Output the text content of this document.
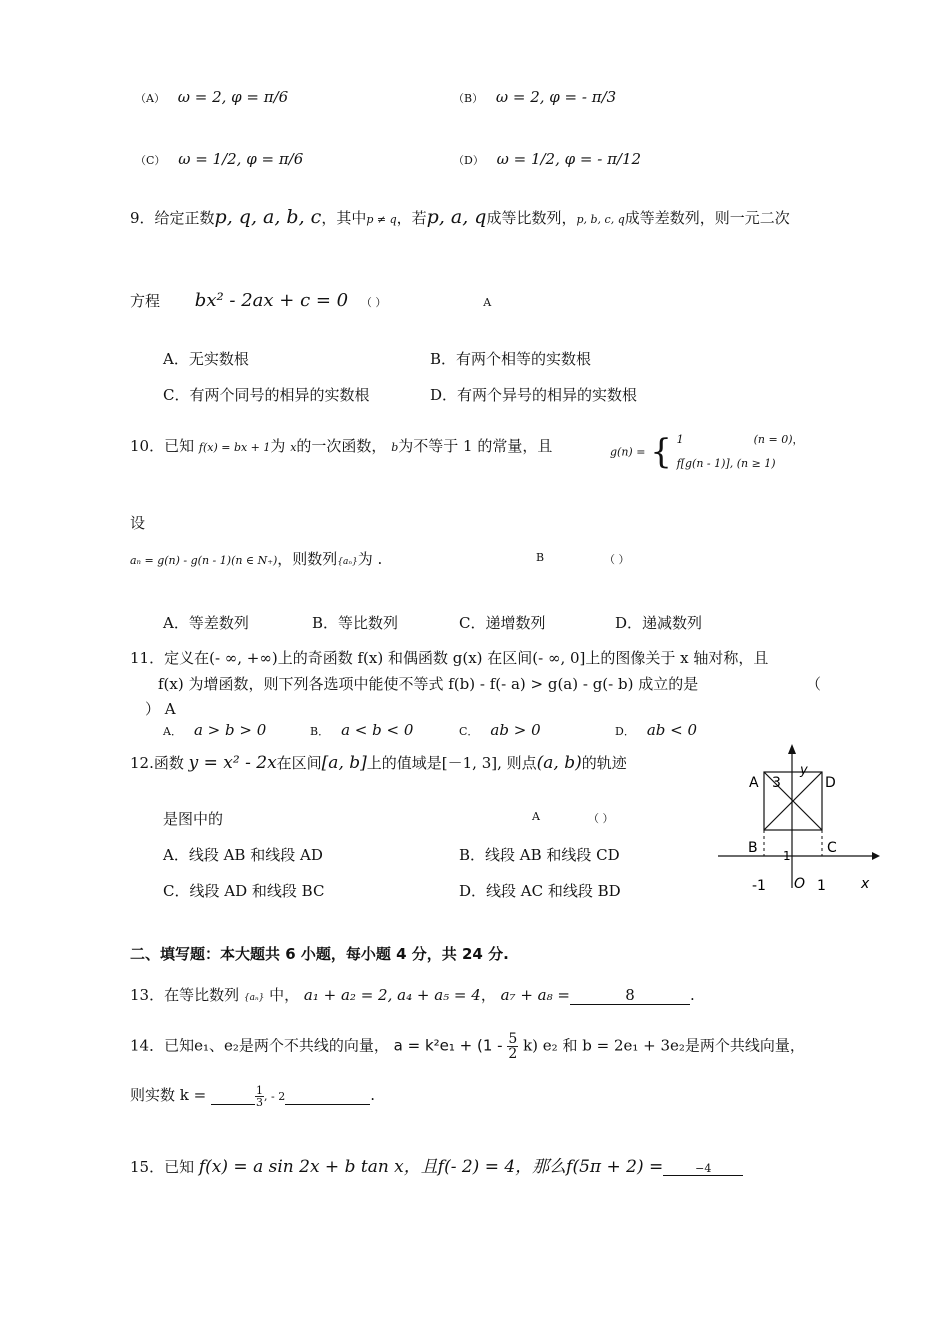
（A） ω = 2, φ = π/6	（B） ω = 2, φ = - π/3
（C） ω = 1/2, φ = π/6	（D） ω = 1/2, φ = - π/12
9．给定正数p, q, a, b, c，其中p ≠ q，若p, a, q成等比数列，p, b, c, q成等差数列，则一元二次
方程 bx² - 2ax + c = 0 （ ）	A
A．无实数根	B．有两个相等的实数根
C．有两个同号的相异的实数根	D．有两个异号的相异的实数根
10．已知 f(x) = bx + 1为 x的一次函数， b为不等于 1 的常量，且	g(n) = { 1	(n = 0)，
f[g(n - 1)], (n ≥ 1)
设
aₙ = g(n) - g(n - 1)(n ∈ N₊)，则数列{aₙ}为 .	B	（ ）
A．等差数列	B．等比数列	C．递增数列	D．递减数列
11．定义在(- ∞, +∞)上的奇函数 f(x) 和偶函数 g(x) 在区间(- ∞, 0]上的图像关于 x 轴对称，且
f(x) 为增函数，则下列各选项中能使不等式 f(b) - f(- a) > g(a) - g(- b) 成立的是	（
） A
A． a > b > 0	B． a < b < 0	C． ab > 0	D． ab < 0
12.函数 y = x² - 2x在区间[a, b]上的值域是[－1, 3], 则点(a, b)的轨迹
是图中的	A	（ ）
A．线段 AB 和线段 AD	B．线段 AB 和线段 CD
C．线段 AD 和线段 BC	D．线段 AC 和线段 BD
A 3
y
D
B 1	C
-1 O 1	x
二、填写题：本大题共 6 小题，每小题 4 分，共 24 分.
13．在等比数列 {aₙ} 中， a₁ + a₂ = 2, a₄ + a₅ = 4， a₇ + a₈ =	8	.
14．已知e₁、e₂是两个不共线的向量， $a = k^2e_1 + (1 - \frac{5}{2} k)$ e₂ 和 b = 2e₁ + 3e₂是两个共线向量，
则实数 k =	$\frac{1}{3}$ , - 2	.
15．已知 f(x) = a sin 2x + b tan x，且f(- 2) = 4，那么f(5π + 2) =	−4
